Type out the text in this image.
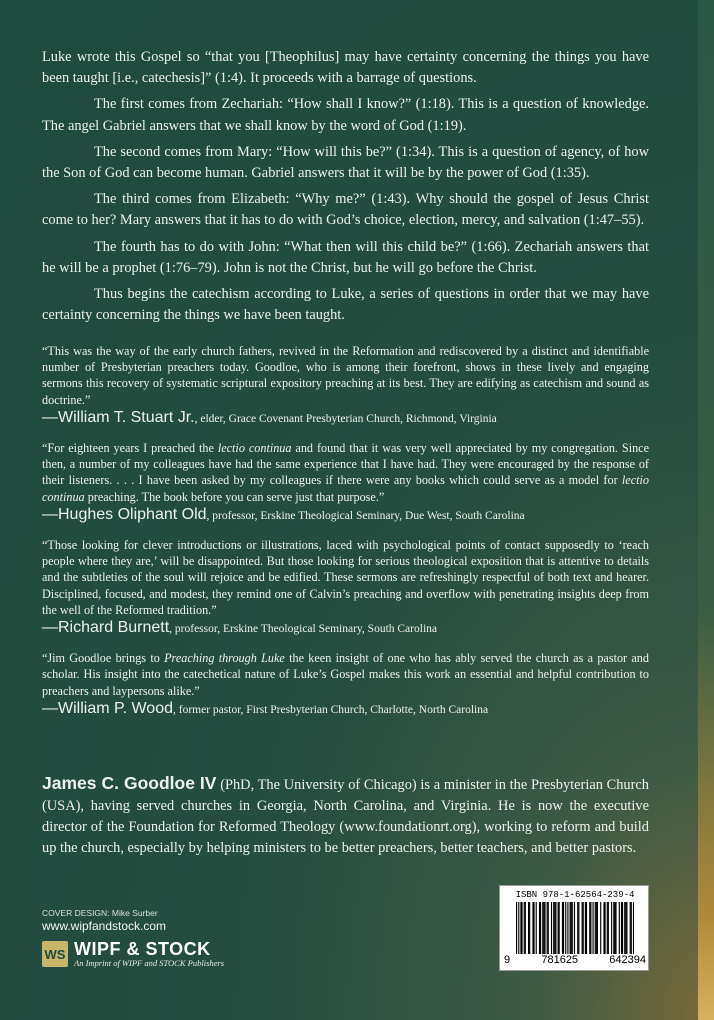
Luke wrote this Gospel so “that you [Theophilus] may have certainty concerning the things you have been taught [i.e., catechesis]” (1:4). It proceeds with a barrage of questions.

The first comes from Zechariah: “How shall I know?” (1:18). This is a question of knowledge. The angel Gabriel answers that we shall know by the word of God (1:19).

The second comes from Mary: “How will this be?” (1:34). This is a question of agency, of how the Son of God can become human. Gabriel answers that it will be by the power of God (1:35).

The third comes from Elizabeth: “Why me?” (1:43). Why should the gospel of Jesus Christ come to her? Mary answers that it has to do with God’s choice, election, mercy, and salvation (1:47–55).

The fourth has to do with John: “What then will this child be?” (1:66). Zechariah answers that he will be a prophet (1:76–79). John is not the Christ, but he will go before the Christ.

Thus begins the catechism according to Luke, a series of questions in order that we may have certainty concerning the things we have been taught.

“This was the way of the early church fathers, revived in the Reformation and rediscovered by a distinct and identifiable number of Presbyterian preachers today. Goodloe, who is among their forefront, shows in these lively and engaging sermons this recovery of systematic scriptural expository preaching at its best. They are edifying as catechism and sound as doctrine.”

—William T. Stuart Jr., elder, Grace Covenant Presbyterian Church, Richmond, Virginia

“For eighteen years I preached the lectio continua and found that it was very well appreciated by my congregation. Since then, a number of my colleagues have had the same experience that I have had. They were encouraged by the response of their listeners. . . . I have been asked by my colleagues if there were any books which could serve as a model for lectio continua preaching. The book before you can serve just that purpose.”

—Hughes Oliphant Old, professor, Erskine Theological Seminary, Due West, South Carolina

“Those looking for clever introductions or illustrations, laced with psychological points of contact supposedly to ‘reach people where they are,’ will be disappointed. But those looking for serious theological exposition that is attentive to details and the subtleties of the soul will rejoice and be edified. These sermons are refreshingly respectful of both text and hearer. Disciplined, focused, and modest, they remind one of Calvin’s preaching and overflow with penetrating insights deep from the well of the Reformed tradition.”

—Richard Burnett, professor, Erskine Theological Seminary, South Carolina

“Jim Goodloe brings to Preaching through Luke the keen insight of one who has ably served the church as a pastor and scholar. His insight into the catechetical nature of Luke’s Gospel makes this work an essential and helpful contribution to preachers and laypersons alike.”

—William P. Wood, former pastor, First Presbyterian Church, Charlotte, North Carolina
James C. Goodloe IV (PhD, The University of Chicago) is a minister in the Presbyterian Church (USA), having served churches in Georgia, North Carolina, and Virginia. He is now the executive director of the Foundation for Reformed Theology (www.foundationrt.org), working to reform and build up the church, especially by helping ministers to be better preachers, better teachers, and better pastors.
COVER DESIGN: Mike Surber
www.wipfandstock.com
WS WIPF & STOCK
An Imprint of WIPF and STOCK Publishers
ISBN 978-1-62564-239-4
9	781625	642394
